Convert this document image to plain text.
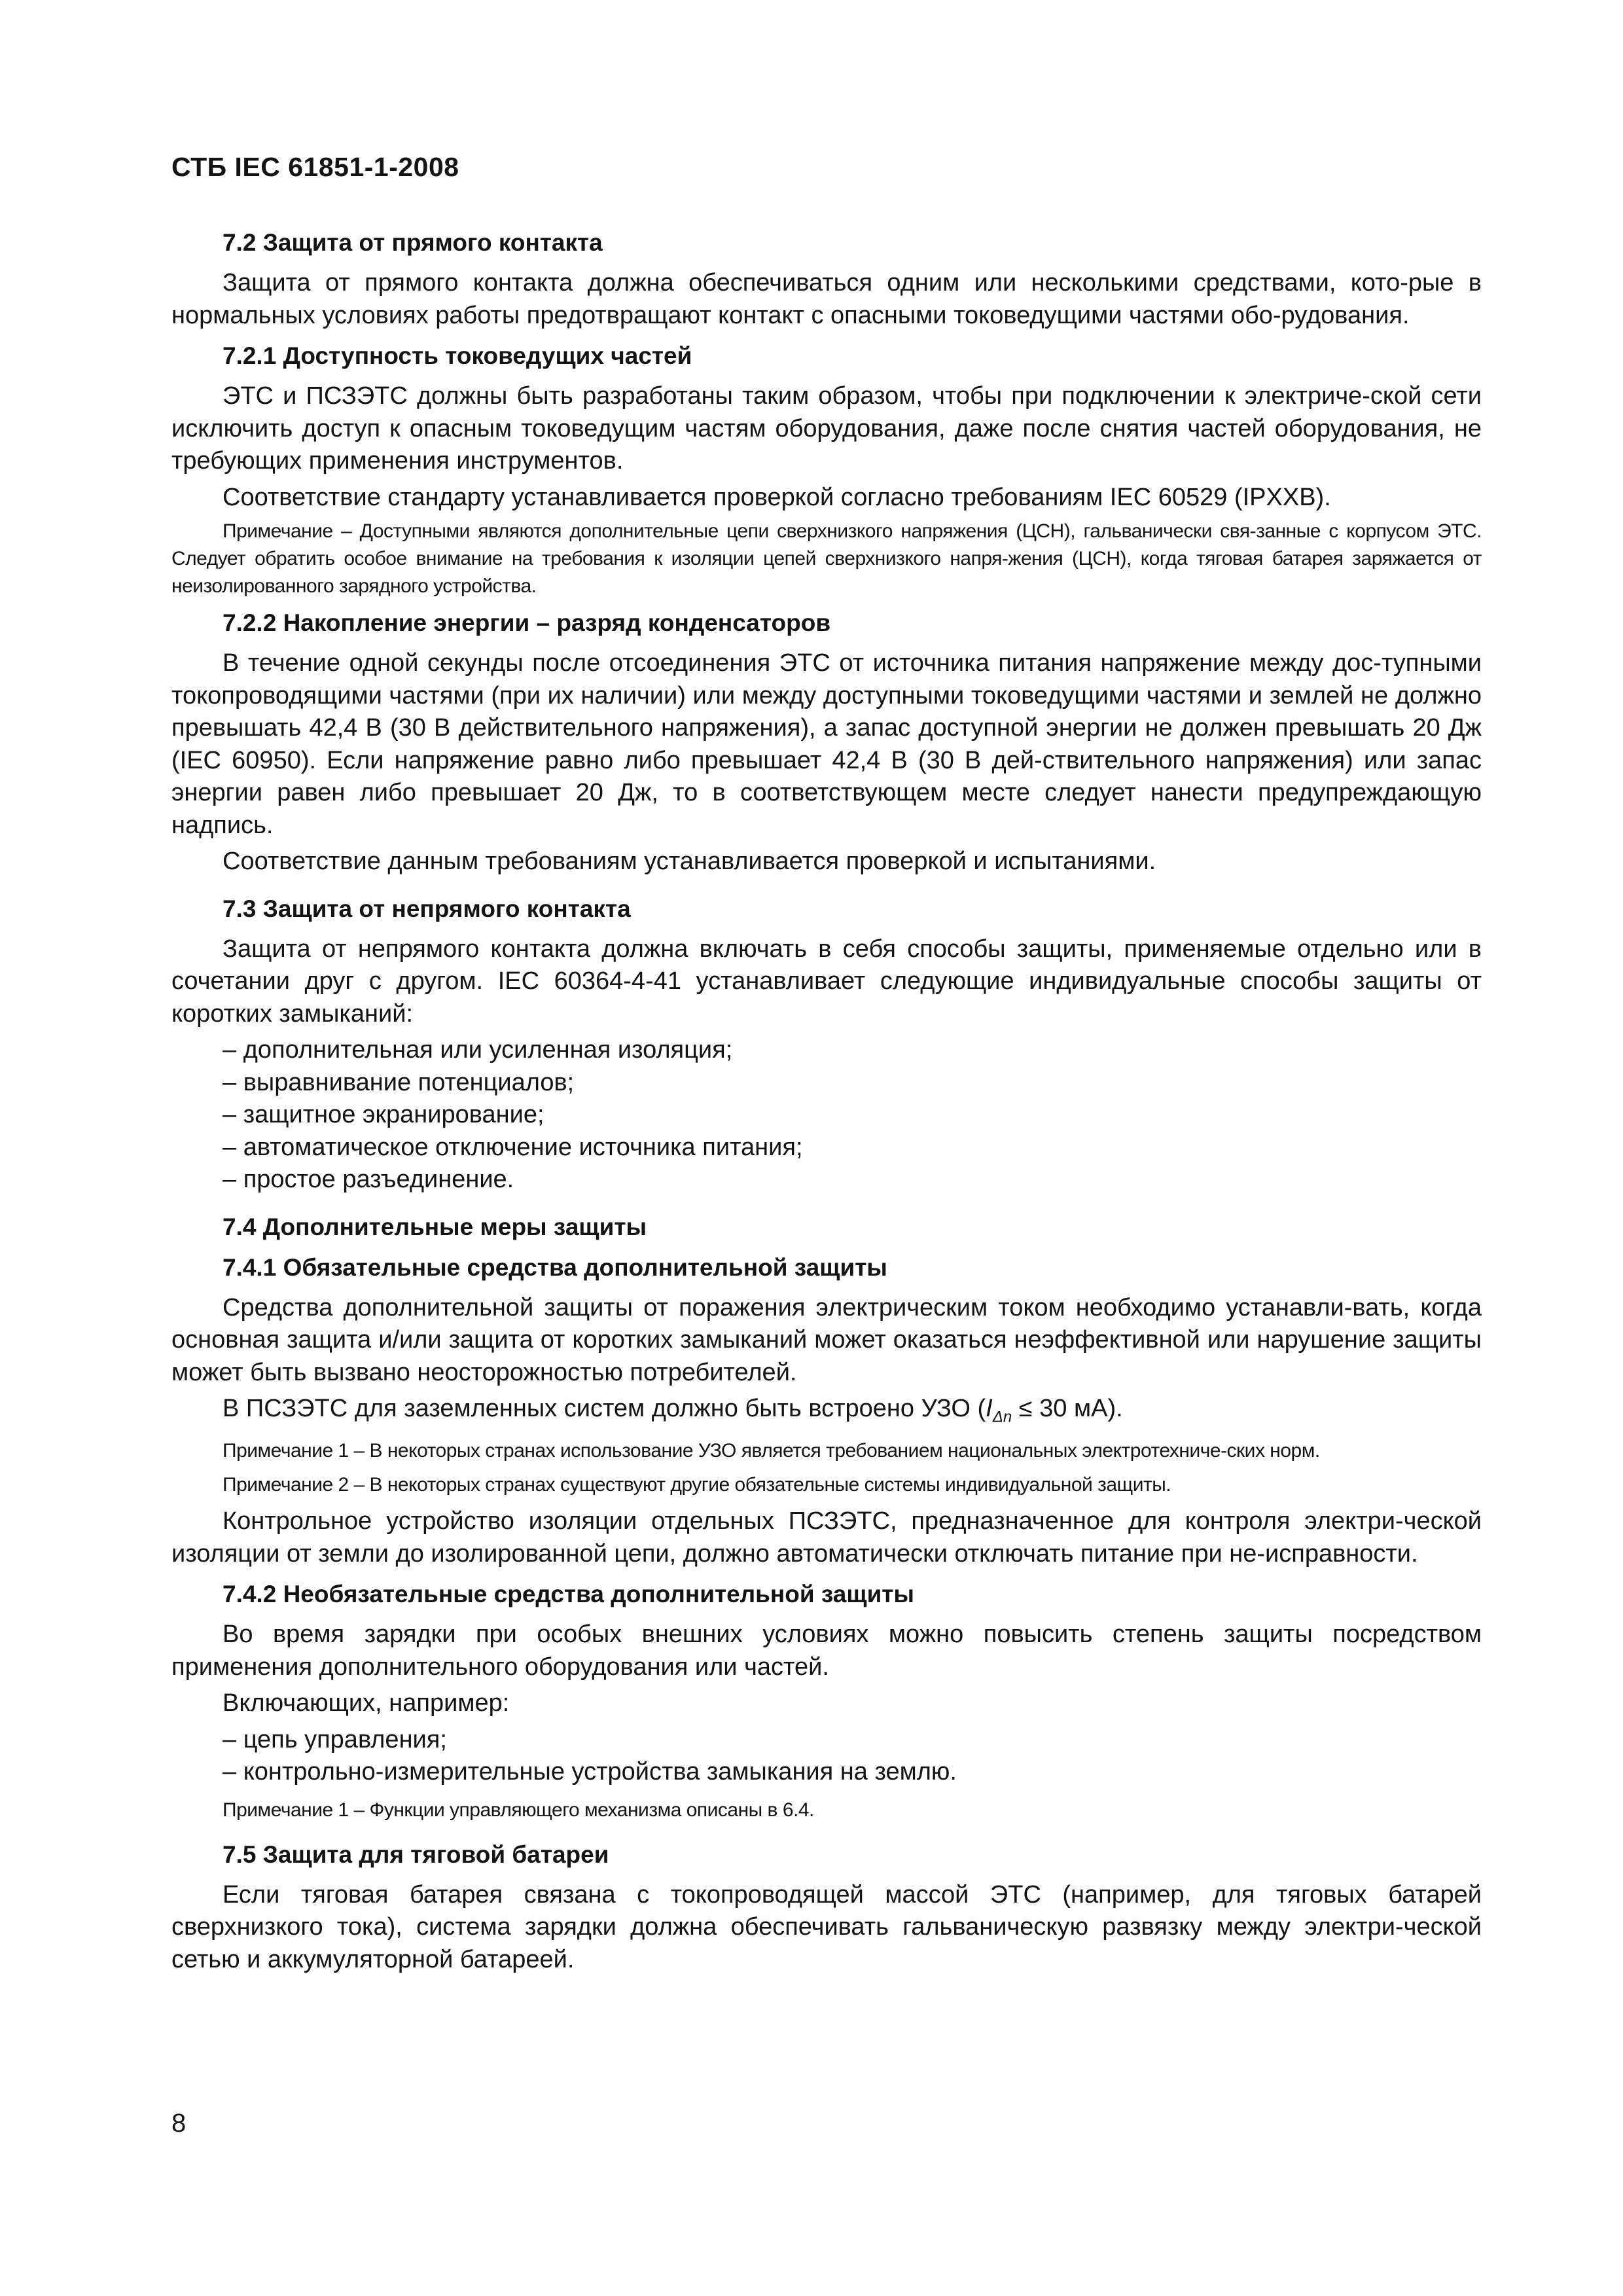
СТБ IEC 61851-1-2008
7.2 Защита от прямого контакта
Защита от прямого контакта должна обеспечиваться одним или несколькими средствами, кото-рые в нормальных условиях работы предотвращают контакт с опасными токоведущими частями обо-рудования.
7.2.1 Доступность токоведущих частей
ЭТС и ПСЗЭТС должны быть разработаны таким образом, чтобы при подключении к электриче-ской сети исключить доступ к опасным токоведущим частям оборудования, даже после снятия частей оборудования, не требующих применения инструментов.
Соответствие стандарту устанавливается проверкой согласно требованиям IEC 60529 (IPXXB).
Примечание – Доступными являются дополнительные цепи сверхнизкого напряжения (ЦСН), гальванически свя-занные с корпусом ЭТС. Следует обратить особое внимание на требования к изоляции цепей сверхнизкого напря-жения (ЦСН), когда тяговая батарея заряжается от неизолированного зарядного устройства.
7.2.2 Накопление энергии – разряд конденсаторов
В течение одной секунды после отсоединения ЭТС от источника питания напряжение между дос-тупными токопроводящими частями (при их наличии) или между доступными токоведущими частями и землей не должно превышать 42,4 В (30 В действительного напряжения), а запас доступной энергии не должен превышать 20 Дж (IEC 60950). Если напряжение равно либо превышает 42,4 В (30 В дей-ствительного напряжения) или запас энергии равен либо превышает 20 Дж, то в соответствующем месте следует нанести предупреждающую надпись.
Соответствие данным требованиям устанавливается проверкой и испытаниями.
7.3 Защита от непрямого контакта
Защита от непрямого контакта должна включать в себя способы защиты, применяемые отдельно или в сочетании друг с другом. IEC 60364-4-41 устанавливает следующие индивидуальные способы защиты от коротких замыканий:
– дополнительная или усиленная изоляция;
– выравнивание потенциалов;
– защитное экранирование;
– автоматическое отключение источника питания;
– простое разъединение.
7.4 Дополнительные меры защиты
7.4.1 Обязательные средства дополнительной защиты
Средства дополнительной защиты от поражения электрическим током необходимо устанавли-вать, когда основная защита и/или защита от коротких замыканий может оказаться неэффективной или нарушение защиты может быть вызвано неосторожностью потребителей.
В ПСЗЭТС для заземленных систем должно быть встроено УЗО ($I_{\Delta n} \le 30$ мА).
Примечание 1 – В некоторых странах использование УЗО является требованием национальных электротехниче-ских норм.
Примечание 2 – В некоторых странах существуют другие обязательные системы индивидуальной защиты.
Контрольное устройство изоляции отдельных ПСЗЭТС, предназначенное для контроля электри-ческой изоляции от земли до изолированной цепи, должно автоматически отключать питание при не-исправности.
7.4.2 Необязательные средства дополнительной защиты
Во время зарядки при особых внешних условиях можно повысить степень защиты посредством применения дополнительного оборудования или частей.
Включающих, например:
– цепь управления;
– контрольно-измерительные устройства замыкания на землю.
Примечание 1 – Функции управляющего механизма описаны в 6.4.
7.5 Защита для тяговой батареи
Если тяговая батарея связана с токопроводящей массой ЭТС (например, для тяговых батарей сверхнизкого тока), система зарядки должна обеспечивать гальваническую развязку между электри-ческой сетью и аккумуляторной батареей.
8
